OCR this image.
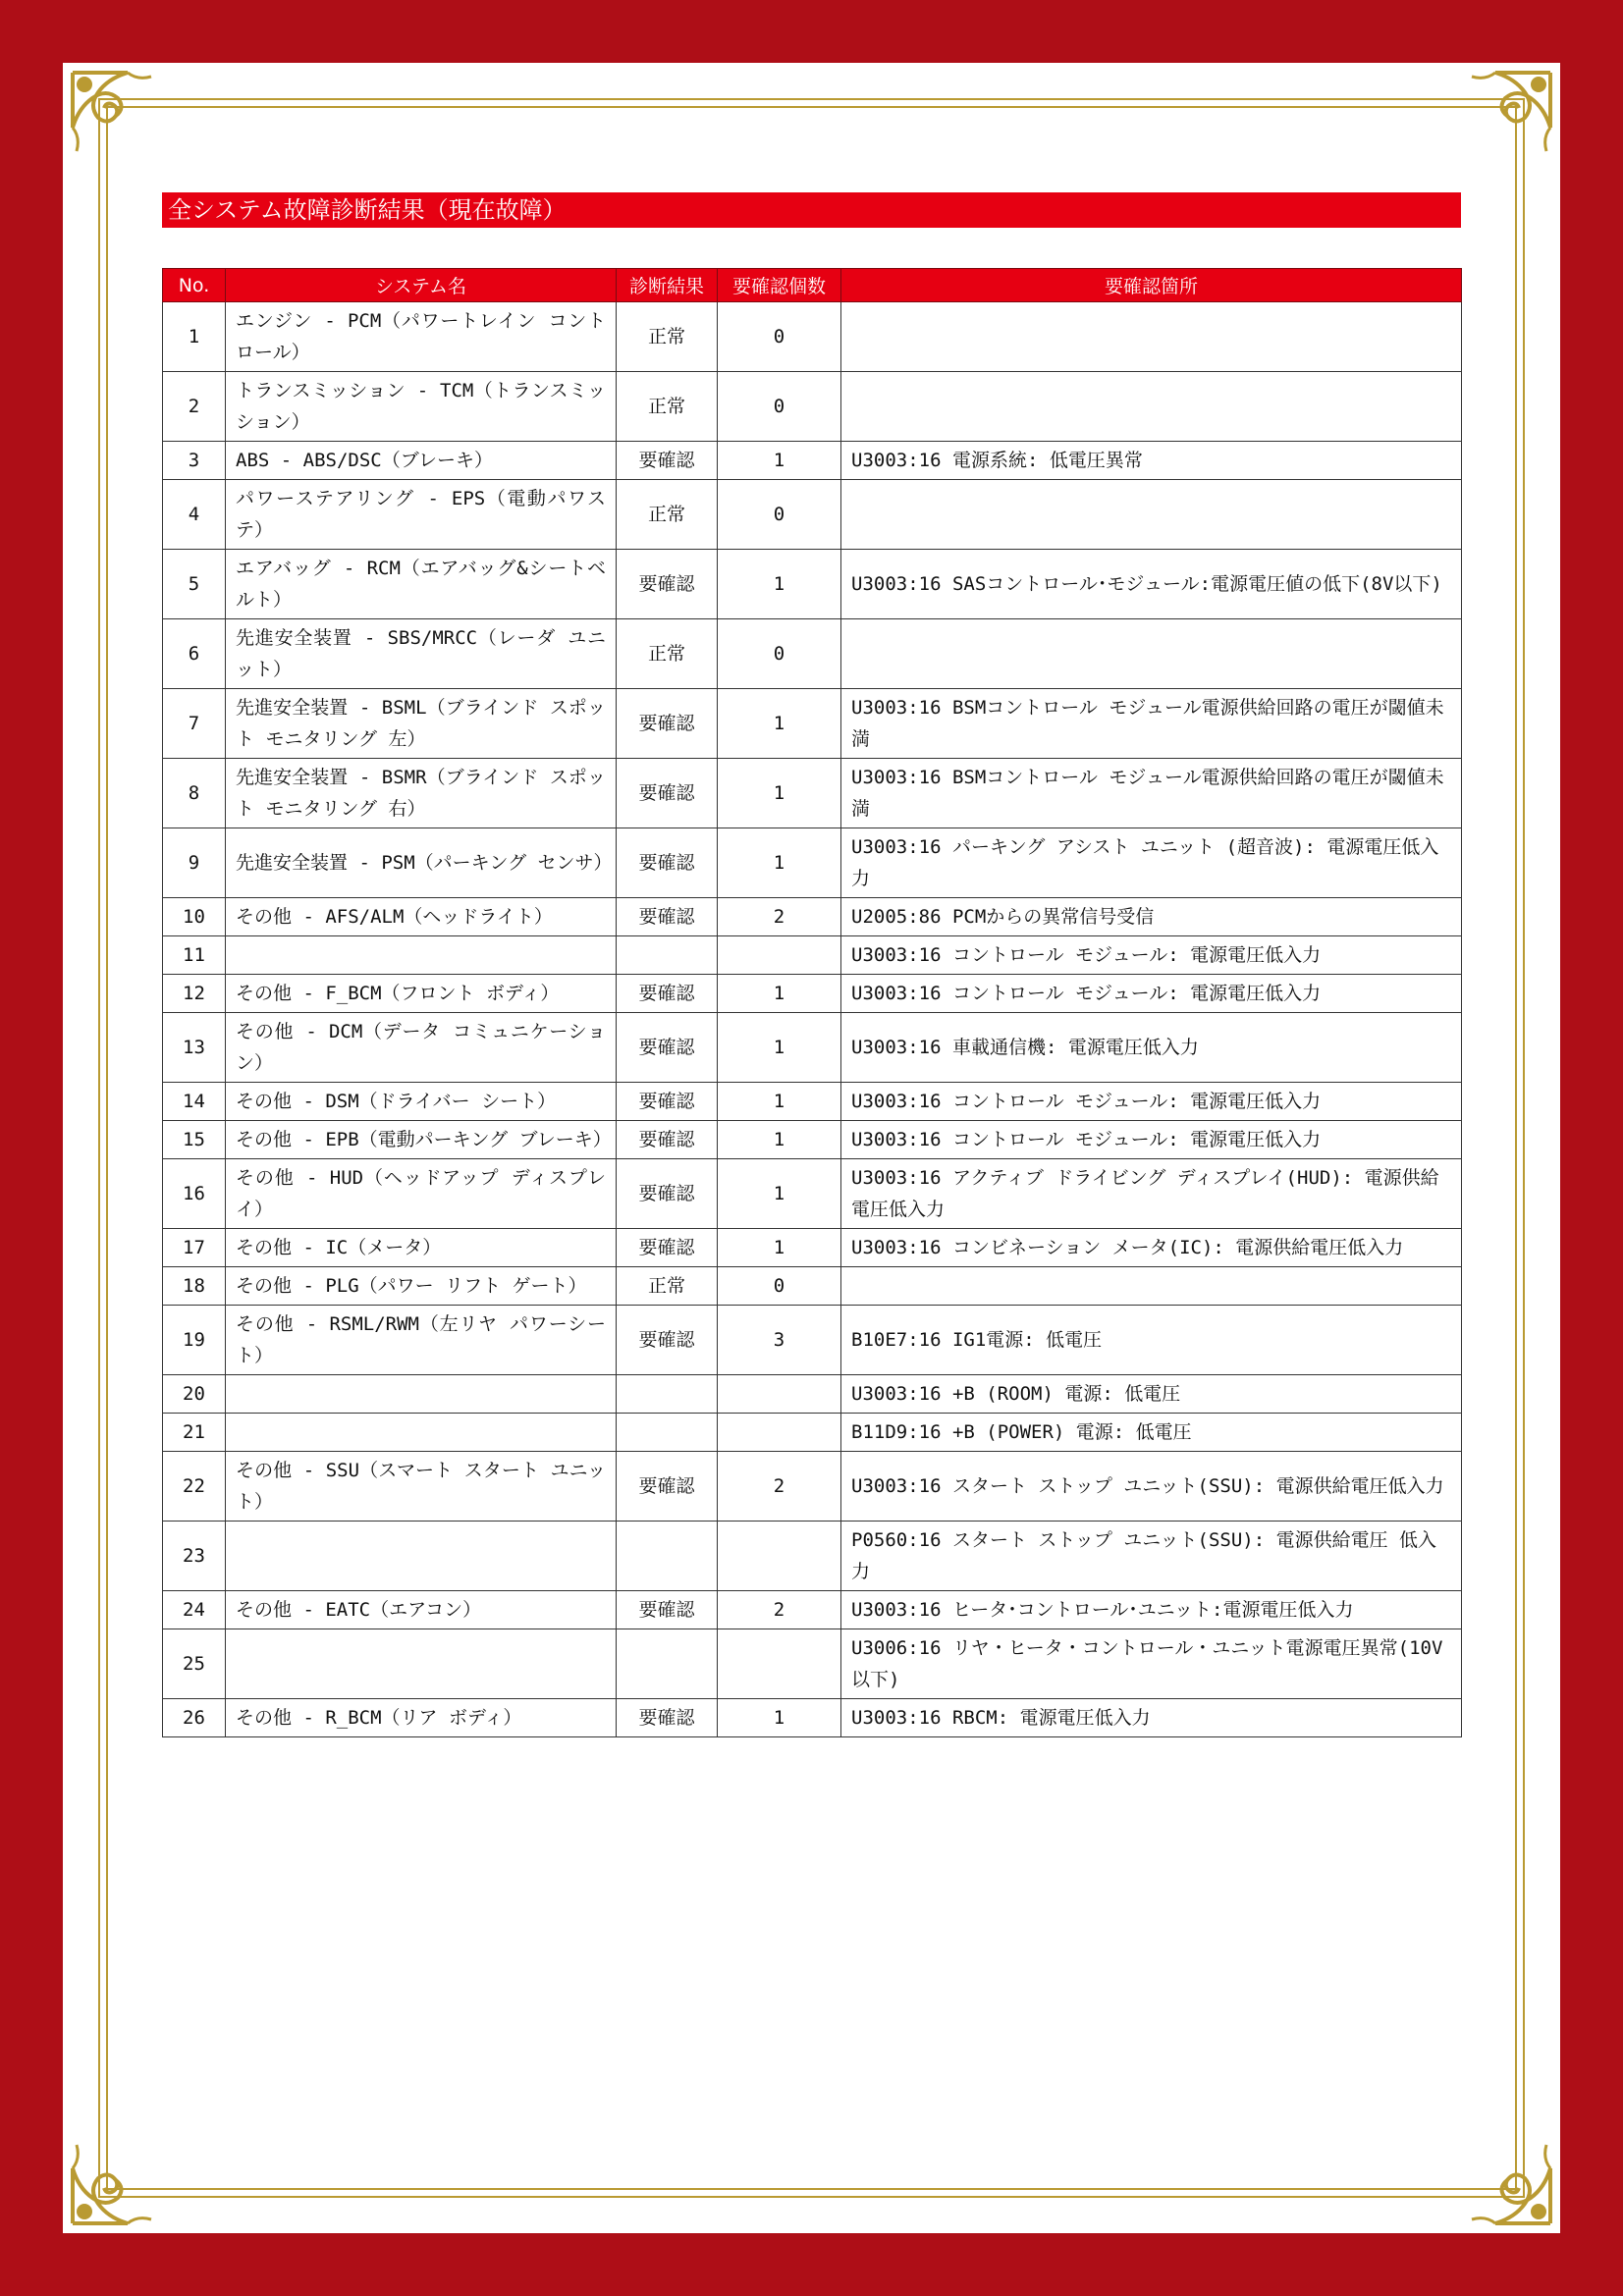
全システム故障診断結果（現在故障）
No.	システム名	診断結果	要確認個数	要確認箇所
1	エンジン - PCM（パワートレイン コントロール）	正常	0	
2	トランスミッション - TCM（トランスミッション）	正常	0	
3	ABS - ABS/DSC（ブレーキ）	要確認	1	U3003:16 電源系統: 低電圧異常
4	パワーステアリング - EPS（電動パワステ）	正常	0	
5	エアバッグ - RCM（エアバッグ&シートベルト）	要確認	1	U3003:16 SASコントロール･モジュール:電源電圧値の低下(8V以下)
6	先進安全装置 - SBS/MRCC（レーダ ユニット）	正常	0	
7	先進安全装置 - BSML（ブラインド スポット モニタリング 左）	要確認	1	U3003:16 BSMコントロール モジュール電源供給回路の電圧が閾値未満
8	先進安全装置 - BSMR（ブラインド スポット モニタリング 右）	要確認	1	U3003:16 BSMコントロール モジュール電源供給回路の電圧が閾値未満
9	先進安全装置 - PSM（パーキング センサ）	要確認	1	U3003:16 パーキング アシスト ユニット (超音波): 電源電圧低入力
10	その他 - AFS/ALM（ヘッドライト）	要確認	2	U2005:86 PCMからの異常信号受信
11				U3003:16 コントロール モジュール: 電源電圧低入力
12	その他 - F_BCM（フロント ボディ）	要確認	1	U3003:16 コントロール モジュール: 電源電圧低入力
13	その他 - DCM（データ コミュニケーション）	要確認	1	U3003:16 車載通信機: 電源電圧低入力
14	その他 - DSM（ドライバー シート）	要確認	1	U3003:16 コントロール モジュール: 電源電圧低入力
15	その他 - EPB（電動パーキング ブレーキ）	要確認	1	U3003:16 コントロール モジュール: 電源電圧低入力
16	その他 - HUD（ヘッドアップ ディスプレイ）	要確認	1	U3003:16 アクティブ ドライビング ディスプレイ(HUD): 電源供給電圧低入力
17	その他 - IC（メータ）	要確認	1	U3003:16 コンビネーション メータ(IC): 電源供給電圧低入力
18	その他 - PLG（パワー リフト ゲート）	正常	0	
19	その他 - RSML/RWM（左リヤ パワーシート）	要確認	3	B10E7:16 IG1電源: 低電圧
20				U3003:16 +B (ROOM) 電源: 低電圧
21				B11D9:16 +B (POWER) 電源: 低電圧
22	その他 - SSU（スマート スタート ユニット）	要確認	2	U3003:16 スタート ストップ ユニット(SSU): 電源供給電圧低入力
23				P0560:16 スタート ストップ ユニット(SSU): 電源供給電圧 低入力
24	その他 - EATC（エアコン）	要確認	2	U3003:16 ヒータ･コントロール･ユニット:電源電圧低入力
25				U3006:16 リヤ・ヒータ・コントロール・ユニット電源電圧異常(10V以下)
26	その他 - R_BCM（リア ボディ）	要確認	1	U3003:16 RBCM: 電源電圧低入力
